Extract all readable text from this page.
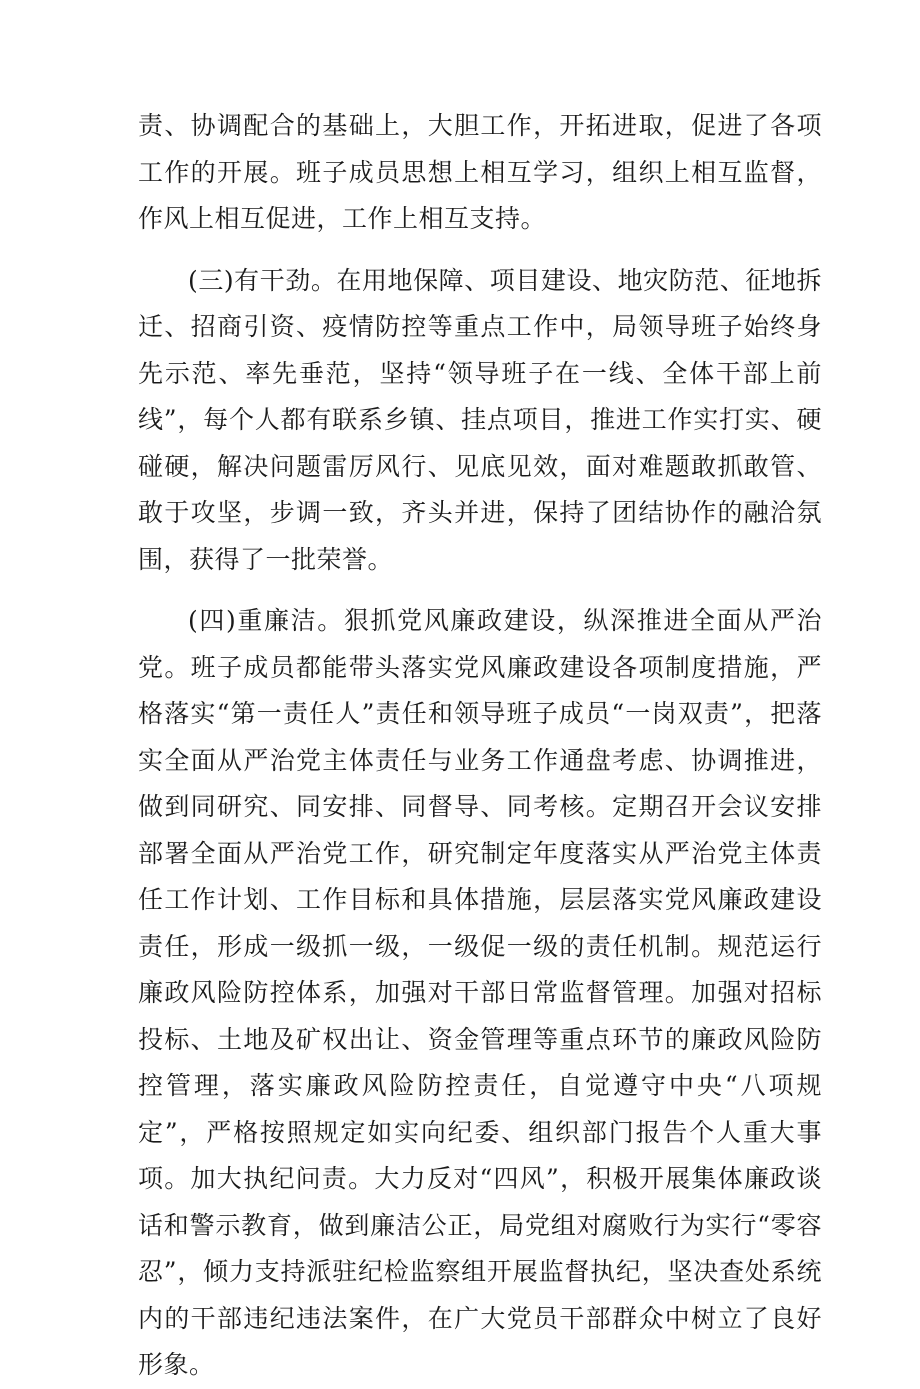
责、协调配合的基础上，大胆工作，开拓进取，促进了各项工作的开展。班子成员思想上相互学习，组织上相互监督，作风上相互促进，工作上相互支持。

(三)有干劲。在用地保障、项目建设、地灾防范、征地拆迁、招商引资、疫情防控等重点工作中，局领导班子始终身先示范、率先垂范，坚持“领导班子在一线、全体干部上前线”，每个人都有联系乡镇、挂点项目，推进工作实打实、硬碰硬，解决问题雷厉风行、见底见效，面对难题敢抓敢管、敢于攻坚，步调一致，齐头并进，保持了团结协作的融洽氛围，获得了一批荣誉。

(四)重廉洁。狠抓党风廉政建设，纵深推进全面从严治党。班子成员都能带头落实党风廉政建设各项制度措施，严格落实“第一责任人”责任和领导班子成员“一岗双责”，把落实全面从严治党主体责任与业务工作通盘考虑、协调推进，做到同研究、同安排、同督导、同考核。定期召开会议安排部署全面从严治党工作，研究制定年度落实从严治党主体责任工作计划、工作目标和具体措施，层层落实党风廉政建设责任，形成一级抓一级，一级促一级的责任机制。规范运行廉政风险防控体系，加强对干部日常监督管理。加强对招标投标、土地及矿权出让、资金管理等重点环节的廉政风险防控管理，落实廉政风险防控责任，自觉遵守中央“八项规定”，严格按照规定如实向纪委、组织部门报告个人重大事项。加大执纪问责。大力反对“四风”，积极开展集体廉政谈话和警示教育，做到廉洁公正，局党组对腐败行为实行“零容忍”，倾力支持派驻纪检监察组开展监督执纪，坚决查处系统内的干部违纪违法案件，在广大党员干部群众中树立了良好形象。
